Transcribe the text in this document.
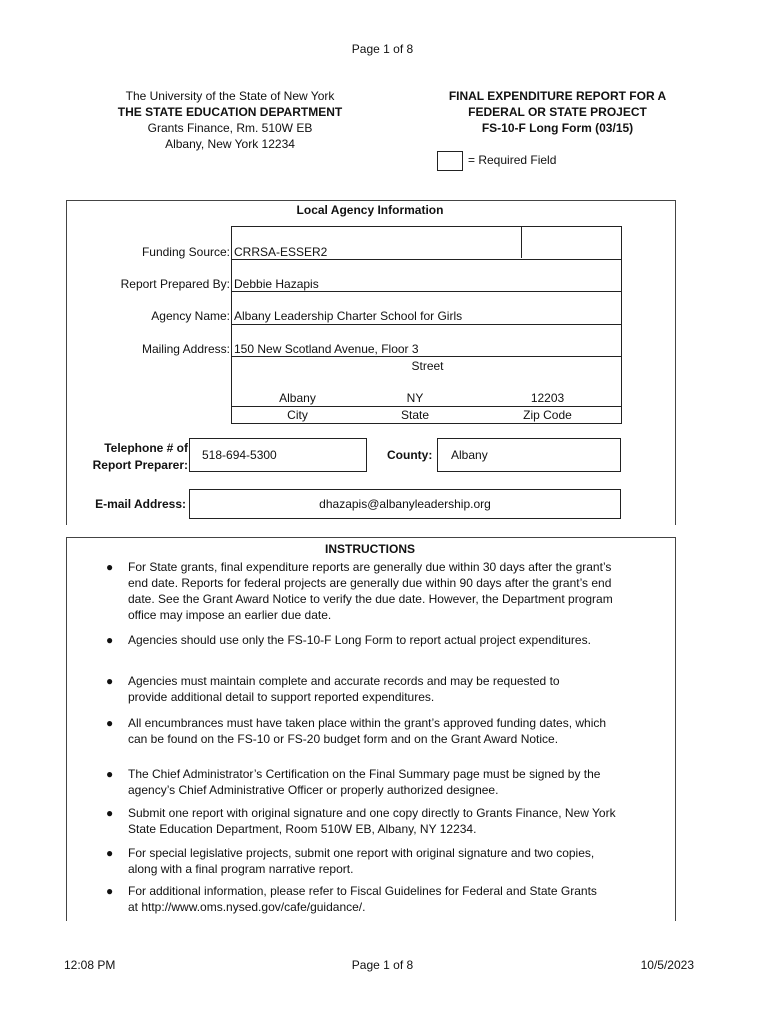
Page 1 of 8
The University of the State of New York
THE STATE EDUCATION DEPARTMENT
Grants Finance, Rm. 510W EB
Albany, New York 12234
FINAL EXPENDITURE REPORT FOR A
FEDERAL OR STATE PROJECT
FS-10-F Long Form (03/15)
= Required Field
Local Agency Information
Funding Source: CRRSA-ESSER2
Report Prepared By: Debbie Hazapis
Agency Name: Albany Leadership Charter School for Girls
Mailing Address: 150 New Scotland Avenue, Floor 3
Street
Albany	NY	12203
City	State	Zip Code
Telephone # of
Report Preparer:
518-694-5300	County: Albany
E-mail Address:	dhazapis@albanyleadership.org
INSTRUCTIONS
● For State grants, final expenditure reports are generally due within 30 days after the grant’s end date. Reports for federal projects are generally due within 90 days after the grant’s end date. See the Grant Award Notice to verify the due date. However, the Department program office may impose an earlier due date.
● Agencies should use only the FS-10-F Long Form to report actual project expenditures.
● Agencies must maintain complete and accurate records and may be requested to provide additional detail to support reported expenditures.
● All encumbrances must have taken place within the grant’s approved funding dates, which can be found on the FS-10 or FS-20 budget form and on the Grant Award Notice.
● The Chief Administrator’s Certification on the Final Summary page must be signed by the agency’s Chief Administrative Officer or properly authorized designee.
● Submit one report with original signature and one copy directly to Grants Finance, New York State Education Department, Room 510W EB, Albany, NY 12234.
● For special legislative projects, submit one report with original signature and two copies, along with a final program narrative report.
● For additional information, please refer to Fiscal Guidelines for Federal and State Grants at http://www.oms.nysed.gov/cafe/guidance/.
12:08 PM	Page 1 of 8	10/5/2023
